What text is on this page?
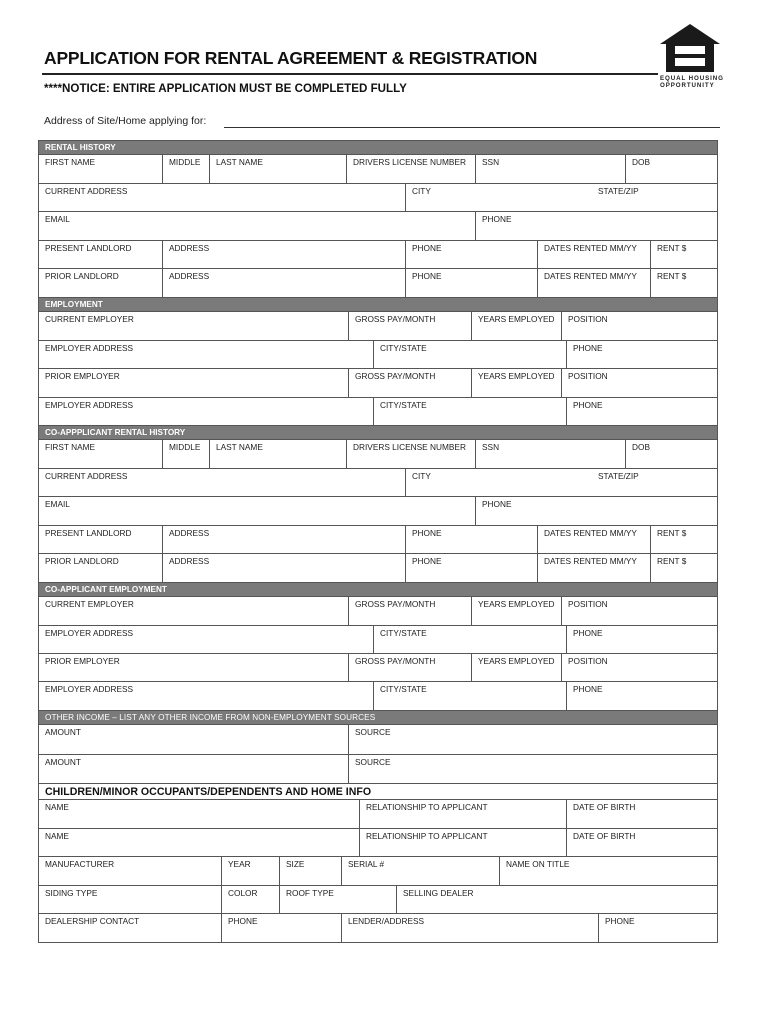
APPLICATION FOR RENTAL AGREEMENT & REGISTRATION
****NOTICE: ENTIRE APPLICATION MUST BE COMPLETED FULLY
EQUAL HOUSING OPPORTUNITY
Address of Site/Home applying for:
RENTAL HISTORY
FIRST NAME	MIDDLE	LAST NAME	DRIVERS LICENSE NUMBER	SSN	DOB
CURRENT ADDRESS	CITY	STATE/ZIP
EMAIL	PHONE
PRESENT LANDLORD	ADDRESS	PHONE	DATES RENTED MM/YY	RENT $
PRIOR LANDLORD	ADDRESS	PHONE	DATES RENTED MM/YY	RENT $
EMPLOYMENT
CURRENT EMPLOYER	GROSS PAY/MONTH	YEARS EMPLOYED	POSITION
EMPLOYER ADDRESS	CITY/STATE	PHONE
PRIOR EMPLOYER	GROSS PAY/MONTH	YEARS EMPLOYED	POSITION
EMPLOYER ADDRESS	CITY/STATE	PHONE
CO-APPPLICANT RENTAL HISTORY
FIRST NAME	MIDDLE	LAST NAME	DRIVERS LICENSE NUMBER	SSN	DOB
CURRENT ADDRESS	CITY	STATE/ZIP
EMAIL	PHONE
PRESENT LANDLORD	ADDRESS	PHONE	DATES RENTED MM/YY	RENT $
PRIOR LANDLORD	ADDRESS	PHONE	DATES RENTED MM/YY	RENT $
CO-APPLICANT EMPLOYMENT
CURRENT EMPLOYER	GROSS PAY/MONTH	YEARS EMPLOYED	POSITION
EMPLOYER ADDRESS	CITY/STATE	PHONE
PRIOR EMPLOYER	GROSS PAY/MONTH	YEARS EMPLOYED	POSITION
EMPLOYER ADDRESS	CITY/STATE	PHONE
OTHER INCOME – LIST ANY OTHER INCOME FROM NON-EMPLOYMENT SOURCES
AMOUNT	SOURCE
AMOUNT	SOURCE
CHILDREN/MINOR OCCUPANTS/DEPENDENTS AND HOME INFO
NAME	RELATIONSHIP TO APPLICANT	DATE OF BIRTH
NAME	RELATIONSHIP TO APPLICANT	DATE OF BIRTH
MANUFACTURER	YEAR	SIZE	SERIAL #	NAME ON TITLE
SIDING TYPE	COLOR	ROOF TYPE	SELLING DEALER
DEALERSHIP CONTACT	PHONE	LENDER/ADDRESS	PHONE
